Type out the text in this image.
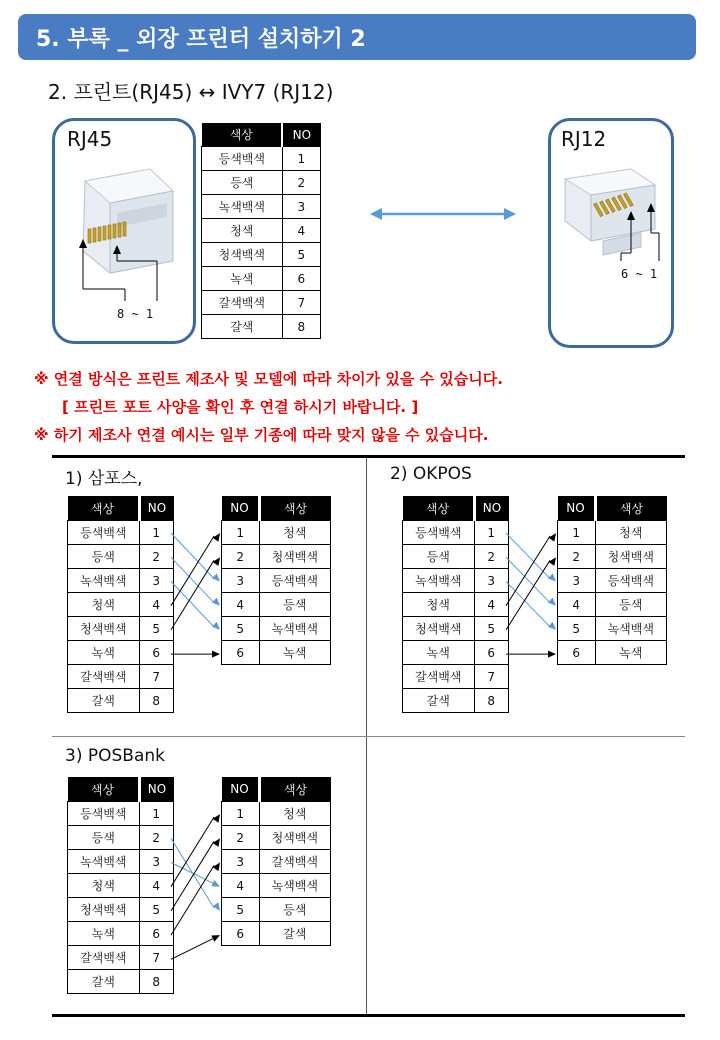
5. 부록 _ 외장 프린터 설치하기 2
2. 프린트(RJ45) ↔ IVY7 (RJ12)
RJ45
8 ~ 1
색상	NO
등색백색	1
등색	2
녹색백색	3
청색	4
청색백색	5
녹색	6
갈색백색	7
갈색	8
RJ12
6 ~ 1
※ 연결 방식은 프린트 제조사 및 모델에 따라 차이가 있을 수 있습니다.
[ 프린트 포트 사양을 확인 후 연결 하시기 바랍니다. ]
※ 하기 제조사 연결 예시는 일부 기종에 따라 맞지 않을 수 있습니다.
1) 삼포스,
색상	NO
등색백색	1
등색	2
녹색백색	3
청색	4
청색백색	5
녹색	6
갈색백색	7
갈색	8
NO	색상
1	청색
2	청색백색
3	등색백색
4	등색
5	녹색백색
6	녹색
2) OKPOS
색상	NO
등색백색	1
등색	2
녹색백색	3
청색	4
청색백색	5
녹색	6
갈색백색	7
갈색	8
NO	색상
1	청색
2	청색백색
3	등색백색
4	등색
5	녹색백색
6	녹색
3) POSBank
색상	NO
등색백색	1
등색	2
녹색백색	3
청색	4
청색백색	5
녹색	6
갈색백색	7
갈색	8
NO	색상
1	청색
2	청색백색
3	갈색백색
4	녹색백색
5	등색
6	갈색
